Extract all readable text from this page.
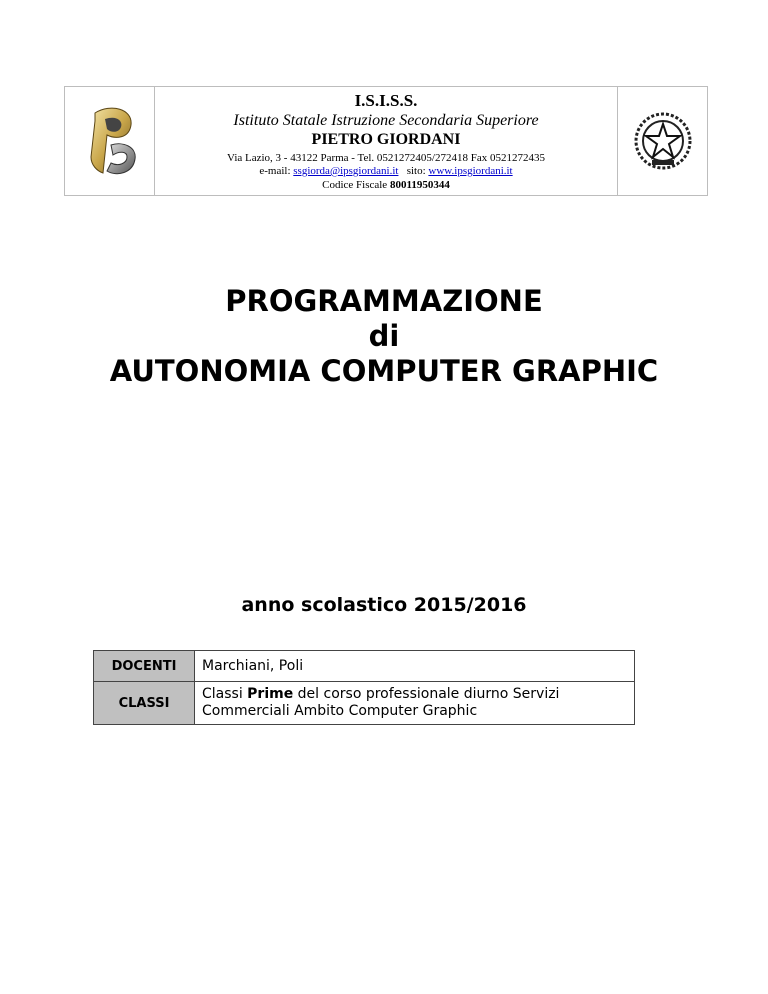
I.S.I.S.S.
Istituto Statale Istruzione Secondaria Superiore
PIETRO GIORDANI
Via Lazio, 3 - 43122 Parma - Tel. 0521272405/272418 Fax 0521272435
e-mail: ssgiorda@ipsgiordani.it sito: www.ipsgiordani.it
Codice Fiscale 80011950344
PROGRAMMAZIONE
di
AUTONOMIA COMPUTER GRAPHIC
anno scolastico 2015/2016
DOCENTI	Marchiani, Poli
CLASSI	Classi Prime del corso professionale diurno Servizi Commerciali Ambito Computer Graphic
